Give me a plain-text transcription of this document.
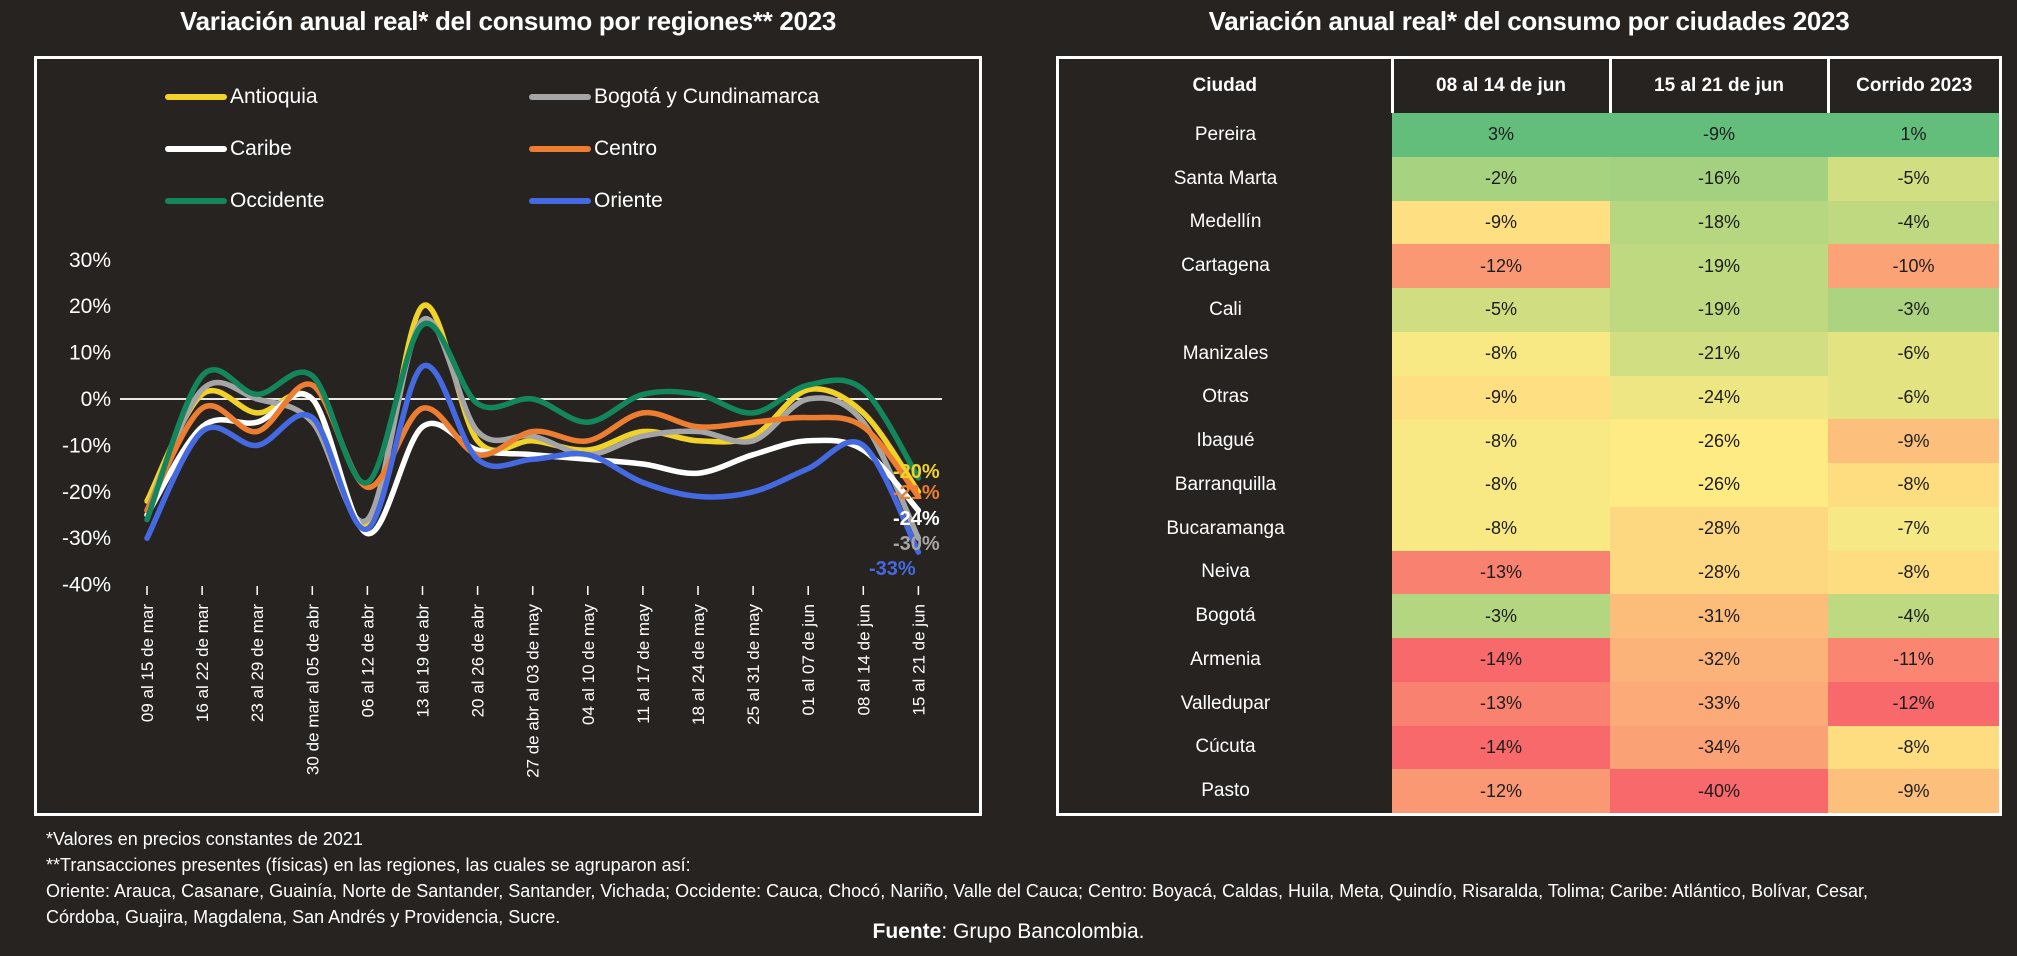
Variación anual real* del consumo por regiones** 2023	Variación anual real* del consumo por ciudades 2023
30%
20%
10%
0%
-10%
-20%
-30%
-40%
09 al 15 de mar 16 al 22 de mar 23 al 29 de mar 30 de mar al 05 de abr 06 al 12 de abr 13 al 19 de abr 20 al 26 de abr 27 de abr al 03 de may 04 al 10 de may 11 al 17 de may 18 al 24 de may 25 al 31 de may 01 al 07 de jun 08 al 14 de jun 15 al 21 de jun
Antioquia	Bogotá y Cundinamarca
Caribe	Centro
Occidente	Oriente
-20%
-21%
-24%
-30%
-33%
Ciudad	08 al 14 de jun	15 al 21 de jun	Corrido 2023
Pereira	3%	-9%	1%
Santa Marta	-2%	-16%	-5%
Medellín	-9%	-18%	-4%
Cartagena	-12%	-19%	-10%
Cali	-5%	-19%	-3%
Manizales	-8%	-21%	-6%
Otras	-9%	-24%	-6%
Ibagué	-8%	-26%	-9%
Barranquilla	-8%	-26%	-8%
Bucaramanga	-8%	-28%	-7%
Neiva	-13%	-28%	-8%
Bogotá	-3%	-31%	-4%
Armenia	-14%	-32%	-11%
Valledupar	-13%	-33%	-12%
Cúcuta	-14%	-34%	-8%
Pasto	-12%	-40%	-9%
*Valores en precios constantes de 2021
**Transacciones presentes (físicas) en las regiones, las cuales se agruparon así:
Oriente: Arauca, Casanare, Guainía, Norte de Santander, Santander, Vichada; Occidente: Cauca, Chocó, Nariño, Valle del Cauca; Centro: Boyacá, Caldas, Huila, Meta, Quindío, Risaralda, Tolima; Caribe: Atlántico, Bolívar, Cesar, Córdoba, Guajira, Magdalena, San Andrés y Providencia, Sucre.
Fuente: Grupo Bancolombia.
